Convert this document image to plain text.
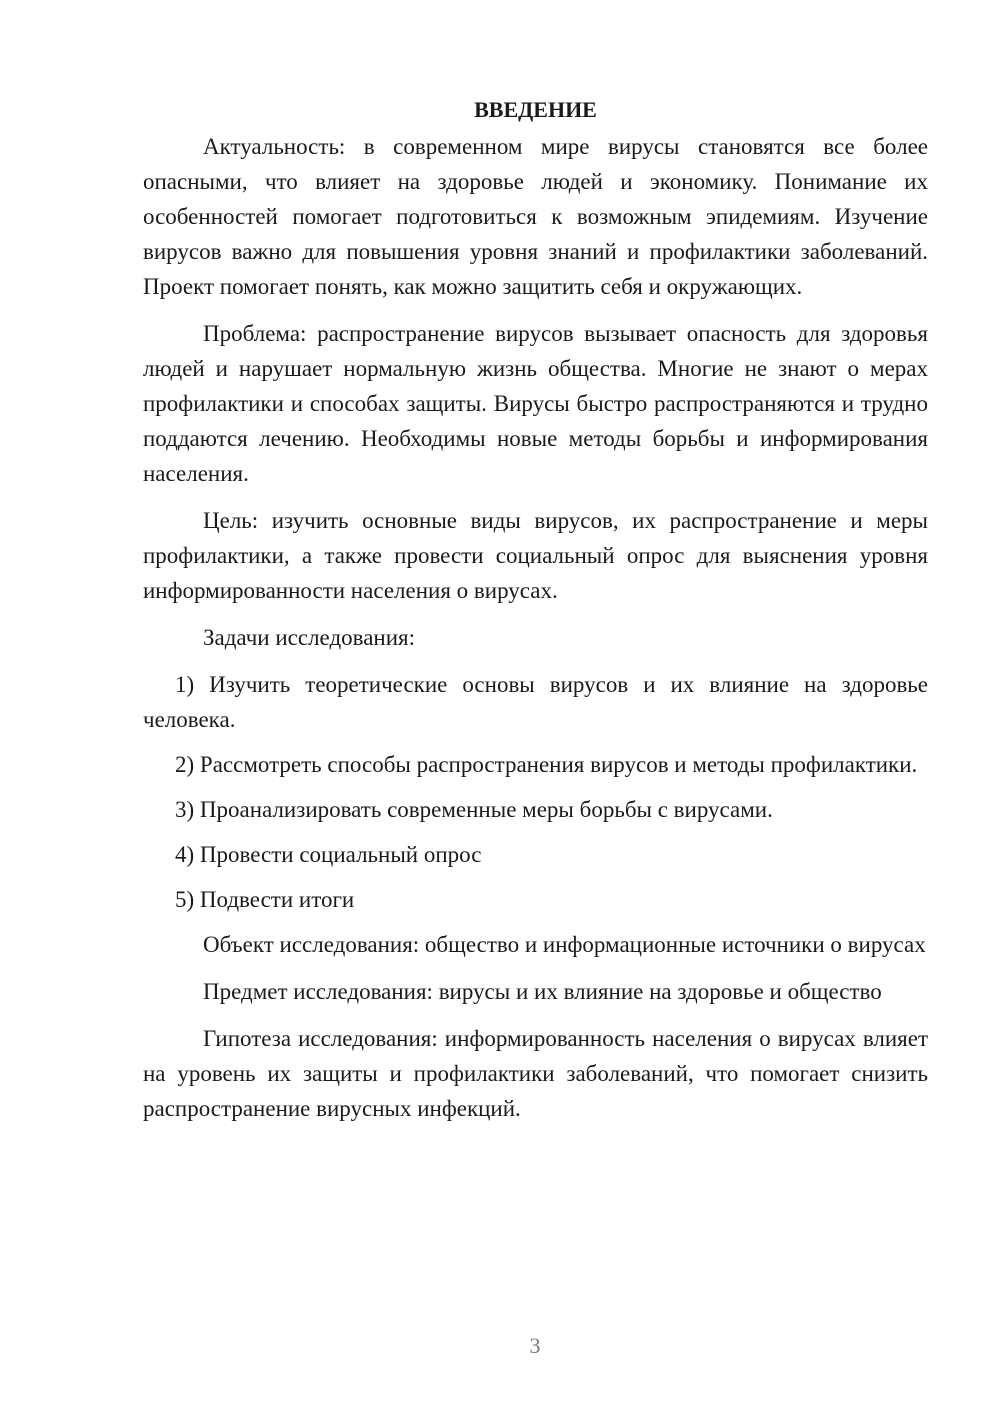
ВВЕДЕНИЕ

Актуальность: в современном мире вирусы становятся все более опасными, что влияет на здоровье людей и экономику. Понимание их особенностей помогает подготовиться к возможным эпидемиям. Изучение вирусов важно для повышения уровня знаний и профилактики заболеваний. Проект помогает понять, как можно защитить себя и окружающих.

Проблема: распространение вирусов вызывает опасность для здоровья людей и нарушает нормальную жизнь общества. Многие не знают о мерах профилактики и способах защиты. Вирусы быстро распространяются и трудно поддаются лечению. Необходимы новые методы борьбы и информирования населения.

Цель: изучить основные виды вирусов, их распространение и меры профилактики, а также провести социальный опрос для выяснения уровня информированности населения о вирусах.

Задачи исследования:

1) Изучить теоретические основы вирусов и их влияние на здоровье человека.

2) Рассмотреть способы распространения вирусов и методы профилактики.

3) Проанализировать современные меры борьбы с вирусами.

4) Провести социальный опрос

5) Подвести итоги

Объект исследования: общество и информационные источники о вирусах

Предмет исследования: вирусы и их влияние на здоровье и общество

Гипотеза исследования: информированность населения о вирусах влияет на уровень их защиты и профилактики заболеваний, что помогает снизить распространение вирусных инфекций.

3
